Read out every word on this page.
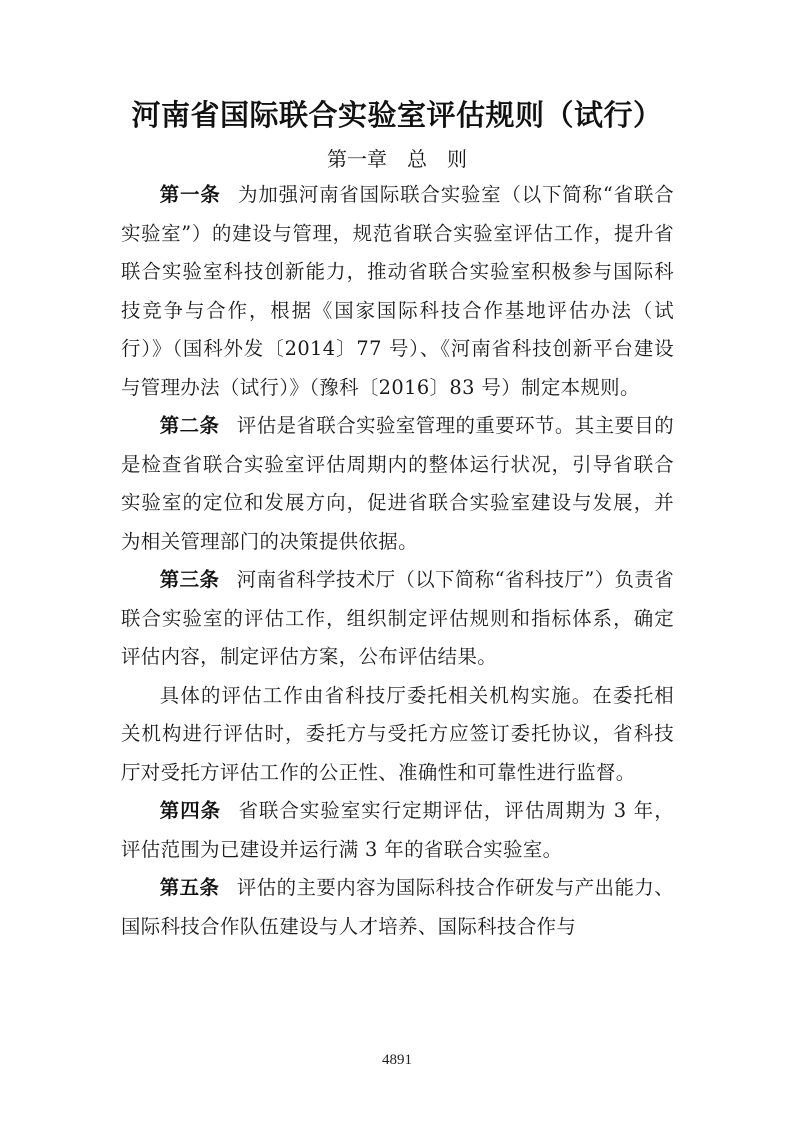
河南省国际联合实验室评估规则（试行）
第一章　总　则

第一条 为加强河南省国际联合实验室（以下简称“省联合实验室”）的建设与管理，规范省联合实验室评估工作，提升省联合实验室科技创新能力，推动省联合实验室积极参与国际科技竞争与合作，根据《国家国际科技合作基地评估办法（试行）》（国科外发〔2014〕77 号）、《河南省科技创新平台建设与管理办法（试行）》（豫科〔2016〕83 号）制定本规则。

第二条 评估是省联合实验室管理的重要环节。其主要目的是检查省联合实验室评估周期内的整体运行状况，引导省联合实验室的定位和发展方向，促进省联合实验室建设与发展，并为相关管理部门的决策提供依据。

第三条 河南省科学技术厅（以下简称“省科技厅”）负责省联合实验室的评估工作，组织制定评估规则和指标体系，确定评估内容，制定评估方案，公布评估结果。

具体的评估工作由省科技厅委托相关机构实施。在委托相关机构进行评估时，委托方与受托方应签订委托协议，省科技厅对受托方评估工作的公正性、准确性和可靠性进行监督。

第四条 省联合实验室实行定期评估，评估周期为 3 年，评估范围为已建设并运行满 3 年的省联合实验室。

第五条 评估的主要内容为国际科技合作研发与产出能力、国际科技合作队伍建设与人才培养、国际科技合作与

4891
